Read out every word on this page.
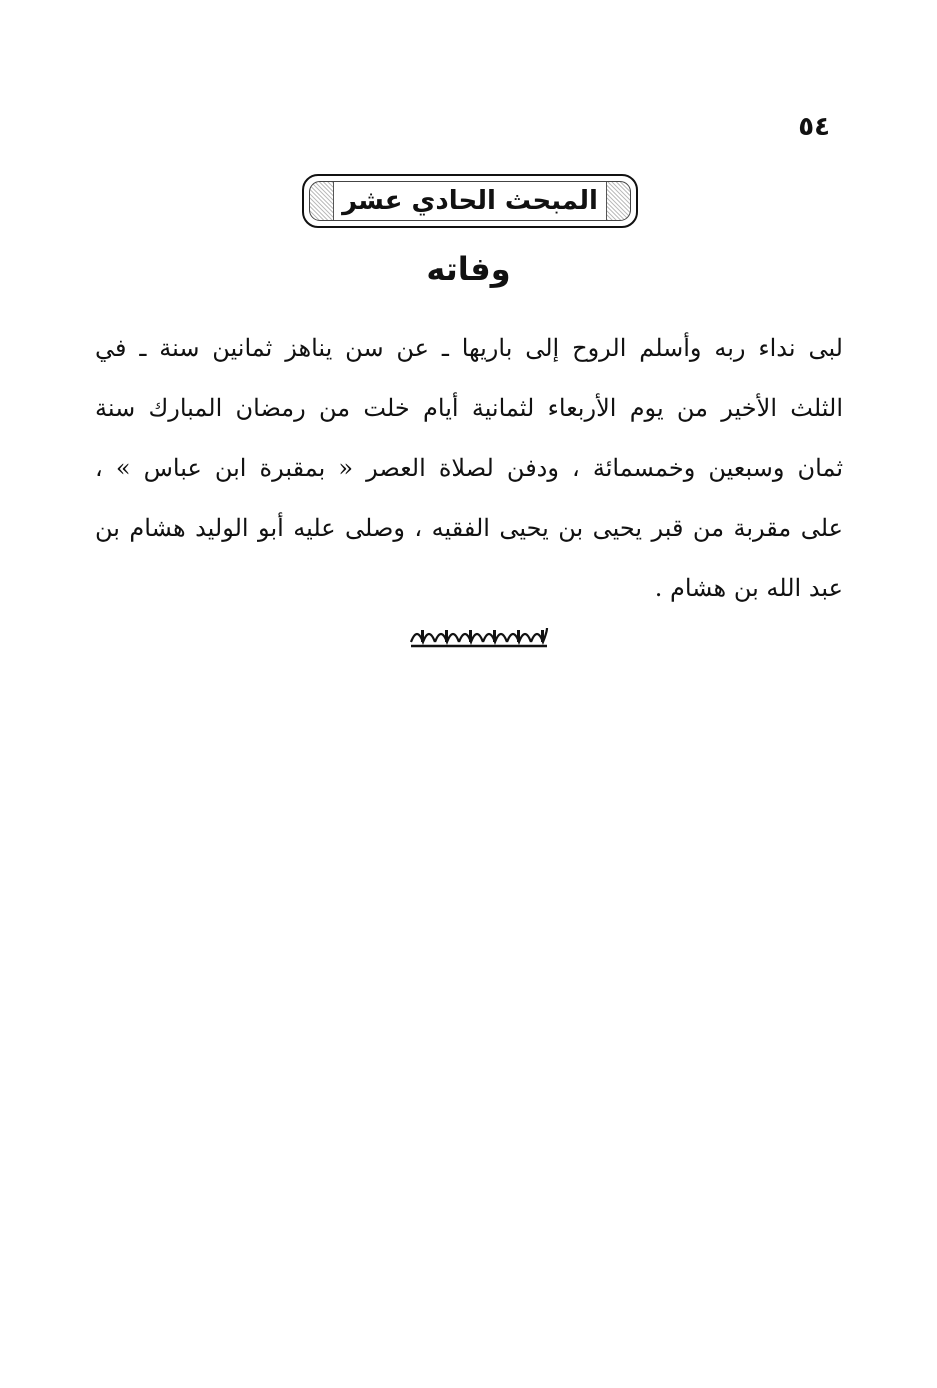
٥٤
المبحث الحادي عشر
وفاته
لبى نداء ربه وأسلم الروح إلى باريها ـ عن سن يناهز ثمانين سنة ـ في
الثلث الأخير من يوم الأربعاء لثمانية أيام خلت من رمضان المبارك سنة
ثمان وسبعين وخمسمائة ، ودفن لصلاة العصر « بمقبرة ابن عباس » ،
على مقربة من قبر يحيى بن يحيى الفقيه ، وصلى عليه أبو الوليد هشام بن
عبد الله بن هشام .
